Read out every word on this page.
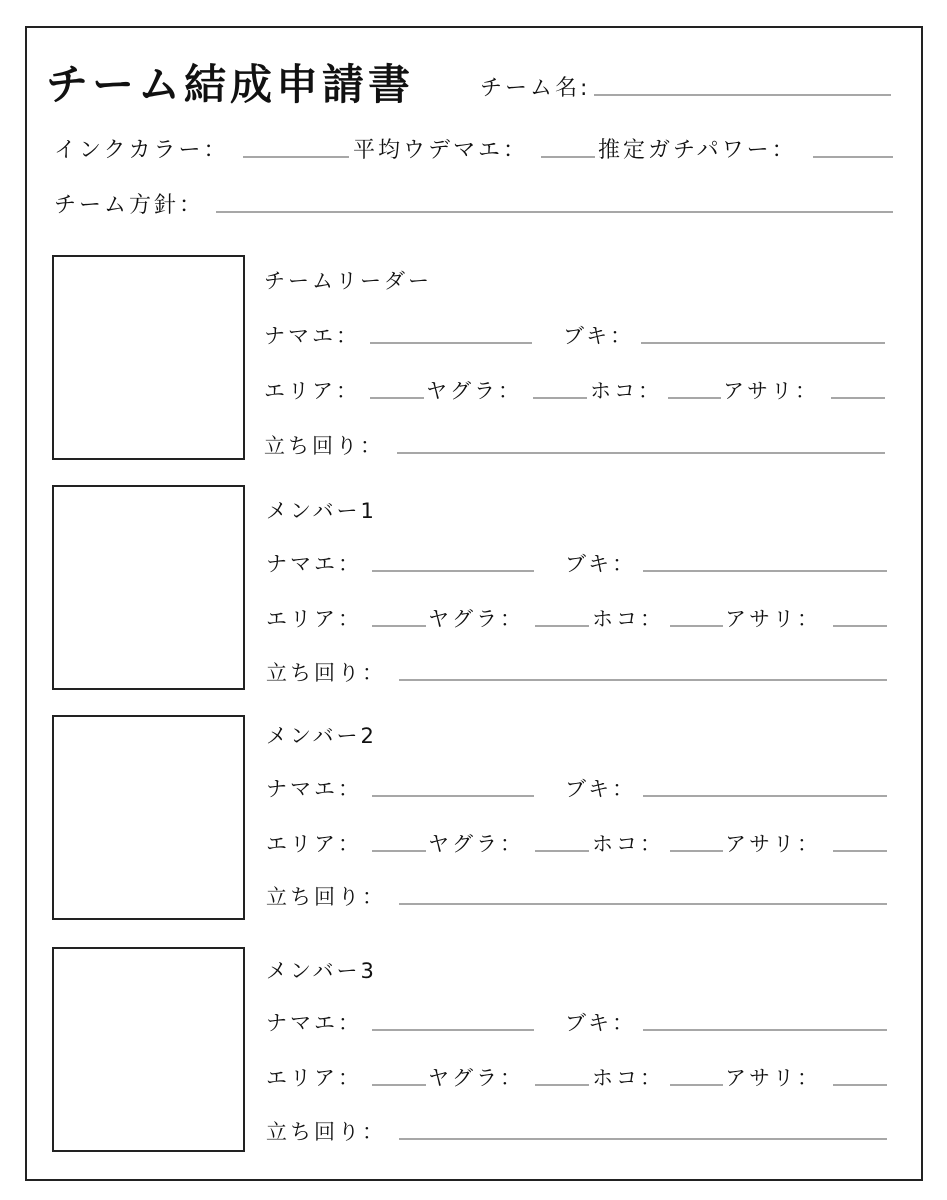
チーム結成申請書	チーム名:
インクカラー：	平均ウデマエ：	推定ガチパワー：
チーム方針：
チームリーダー
ナマエ：	ブキ：
エリア：	ヤグラ：	ホコ：	アサリ：
立ち回り：
メンバー1
ナマエ：	ブキ：
エリア：	ヤグラ：	ホコ：	アサリ：
立ち回り：
メンバー2
ナマエ：	ブキ：
エリア：	ヤグラ：	ホコ：	アサリ：
立ち回り：
メンバー3
ナマエ：	ブキ：
エリア：	ヤグラ：	ホコ：	アサリ：
立ち回り：
